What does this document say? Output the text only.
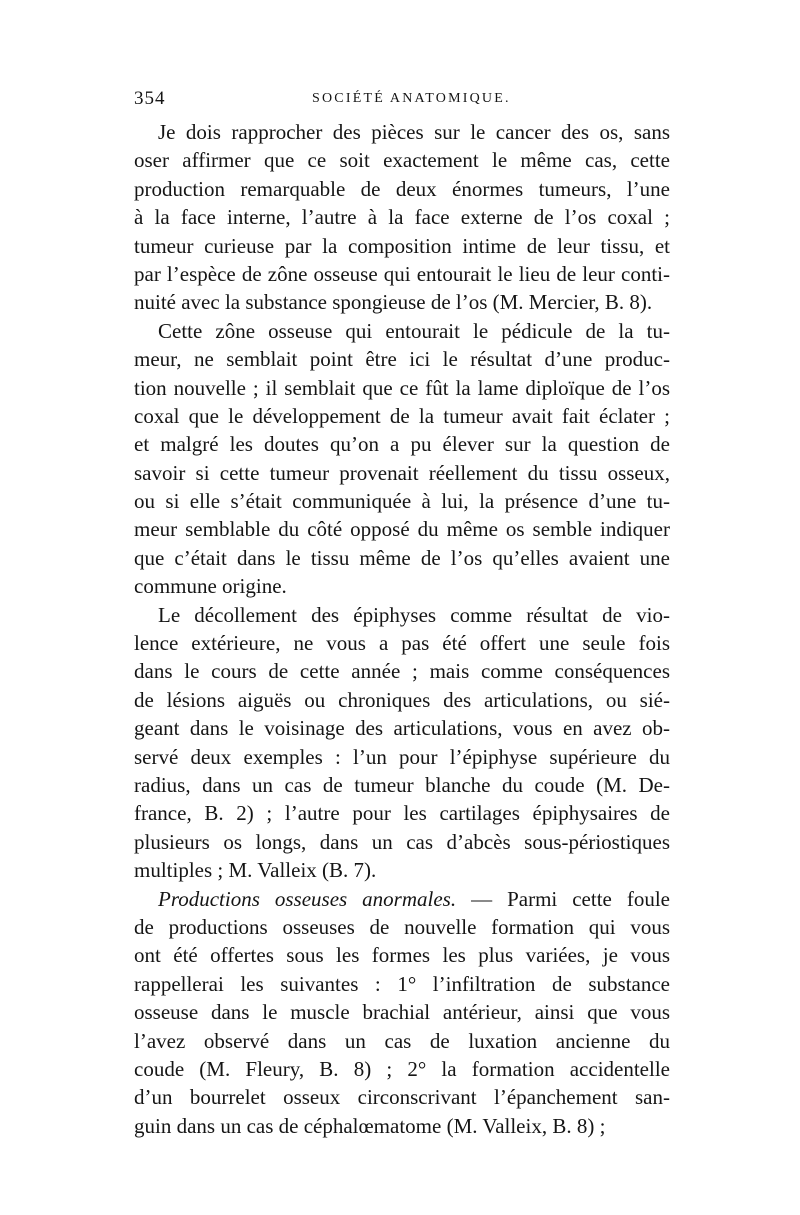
354	SOCIÉTÉ ANATOMIQUE.
Je dois rapprocher des pièces sur le cancer des os, sans
oser affirmer que ce soit exactement le même cas, cette
production remarquable de deux énormes tumeurs, l’une
à la face interne, l’autre à la face externe de l’os coxal ;
tumeur curieuse par la composition intime de leur tissu, et
par l’espèce de zône osseuse qui entourait le lieu de leur conti-
nuité avec la substance spongieuse de l’os (M. Mercier, B. 8).
Cette zône osseuse qui entourait le pédicule de la tu-
meur, ne semblait point être ici le résultat d’une produc-
tion nouvelle ; il semblait que ce fût la lame diploïque de l’os
coxal que le développement de la tumeur avait fait éclater ;
et malgré les doutes qu’on a pu élever sur la question de
savoir si cette tumeur provenait réellement du tissu osseux,
ou si elle s’était communiquée à lui, la présence d’une tu-
meur semblable du côté opposé du même os semble indiquer
que c’était dans le tissu même de l’os qu’elles avaient une
commune origine.
Le décollement des épiphyses comme résultat de vio-
lence extérieure, ne vous a pas été offert une seule fois
dans le cours de cette année ; mais comme conséquences
de lésions aiguës ou chroniques des articulations, ou sié-
geant dans le voisinage des articulations, vous en avez ob-
servé deux exemples : l’un pour l’épiphyse supérieure du
radius, dans un cas de tumeur blanche du coude (M. De-
france, B. 2) ; l’autre pour les cartilages épiphysaires de
plusieurs os longs, dans un cas d’abcès sous-périostiques
multiples ; M. Valleix (B. 7).
Productions osseuses anormales. — Parmi cette foule
de productions osseuses de nouvelle formation qui vous
ont été offertes sous les formes les plus variées, je vous
rappellerai les suivantes : 1° l’infiltration de substance
osseuse dans le muscle brachial antérieur, ainsi que vous
l’avez observé dans un cas de luxation ancienne du
coude (M. Fleury, B. 8) ; 2° la formation accidentelle
d’un bourrelet osseux circonscrivant l’épanchement san-
guin dans un cas de céphalœmatome (M. Valleix, B. 8) ;
